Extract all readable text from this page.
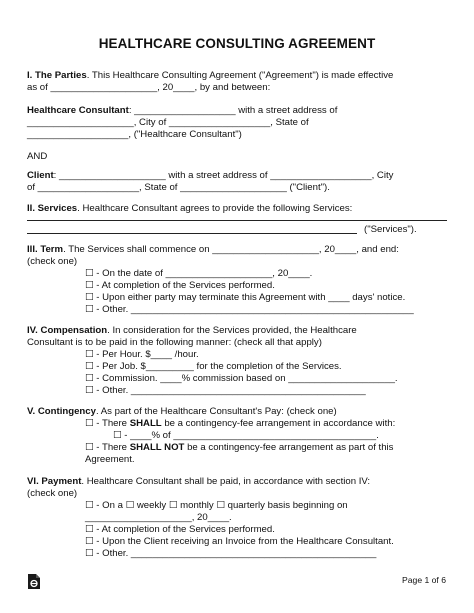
HEALTHCARE CONSULTING AGREEMENT

I. The Parties. This Healthcare Consulting Agreement ("Agreement") is made effective

as of ____________________, 20____, by and between:

Healthcare Consultant: ___________________ with a street address of

____________________, City of ___________________, State of

___________________, ("Healthcare Consultant")

AND

Client: ____________________ with a street address of ___________________, City

of ___________________, State of ____________________ ("Client").

II. Services. Healthcare Consultant agrees to provide the following Services:

("Services").

III. Term. The Services shall commence on ____________________, 20____, and end:

(check one)

☐ - On the date of ____________________, 20____.

☐ - At completion of the Services performed.

☐ - Upon either party may terminate this Agreement with ____ days' notice.

☐ - Other. _____________________________________________________

IV. Compensation. In consideration for the Services provided, the Healthcare

Consultant is to be paid in the following manner: (check all that apply)

☐ - Per Hour. $____ /hour.

☐ - Per Job. $_________ for the completion of the Services.

☐ - Commission. ____% commission based on ____________________.

☐ - Other. ____________________________________________

V. Contingency. As part of the Healthcare Consultant's Pay: (check one)

☐ - There SHALL be a contingency-fee arrangement in accordance with:

☐ - ____% of ______________________________________.

☐ - There SHALL NOT be a contingency-fee arrangement as part of this

Agreement.

VI. Payment. Healthcare Consultant shall be paid, in accordance with section IV:

(check one)

☐ - On a ☐ weekly ☐ monthly ☐ quarterly basis beginning on

____________________, 20____.

☐ - At completion of the Services performed.

☐ - Upon the Client receiving an Invoice from the Healthcare Consultant.

☐ - Other. ______________________________________________

Page 1 of 6
